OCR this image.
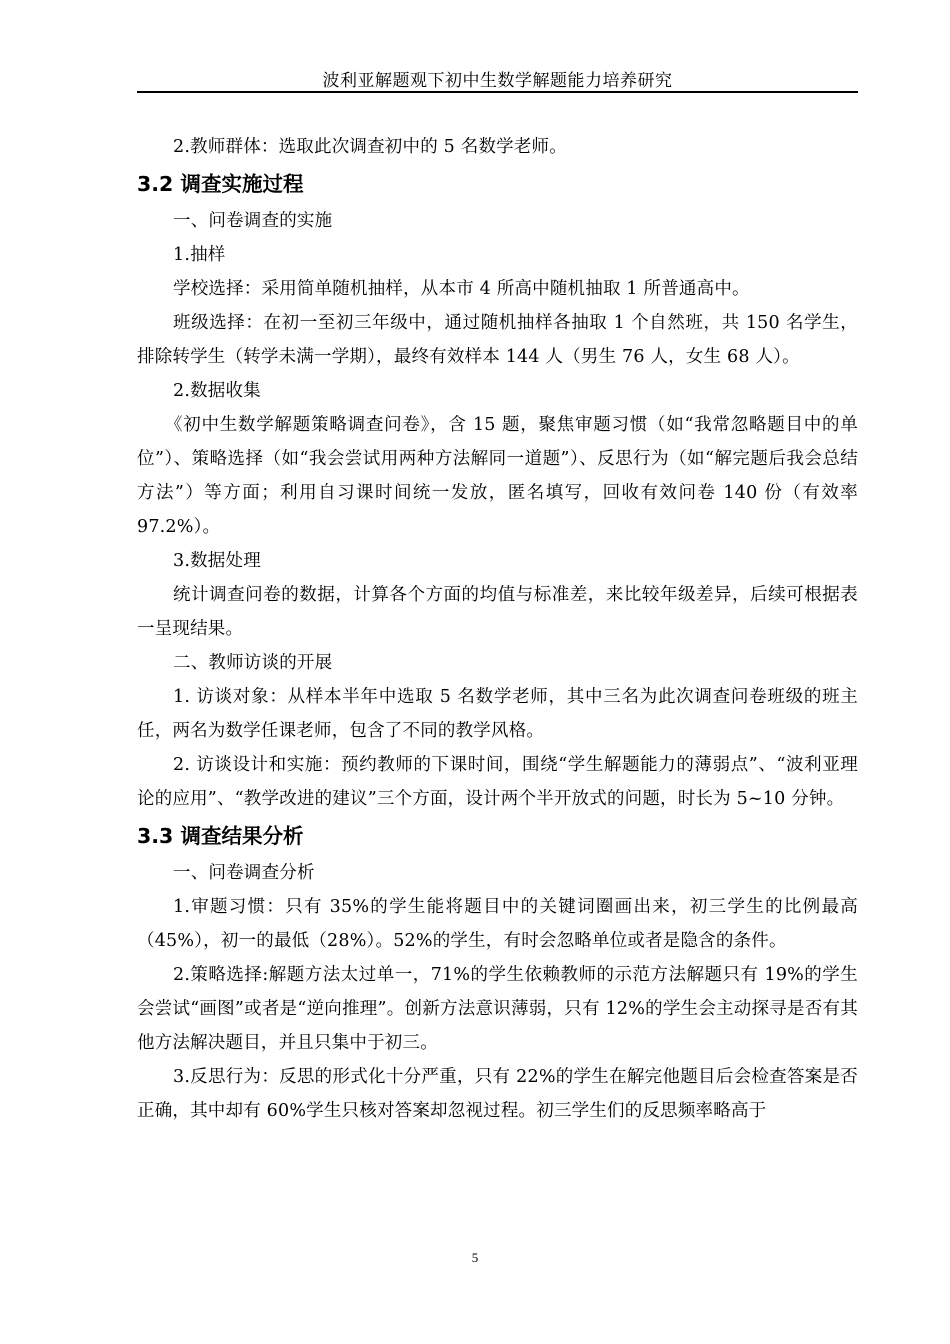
波利亚解题观下初中生数学解题能力培养研究

2.教师群体：选取此次调查初中的 5 名数学老师。

3.2 调查实施过程

一、问卷调查的实施

1.抽样

学校选择：采用简单随机抽样，从本市 4 所高中随机抽取 1 所普通高中。

班级选择：在初一至初三年级中，通过随机抽样各抽取 1 个自然班，共 150 名学生，排除转学生（转学未满一学期），最终有效样本 144 人（男生 76 人，女生 68 人）。

2.数据收集

《初中生数学解题策略调查问卷》，含 15 题，聚焦审题习惯（如“我常忽略题目中的单位”）、策略选择（如“我会尝试用两种方法解同一道题”）、反思行为（如“解完题后我会总结方法”）等方面；利用自习课时间统一发放，匿名填写，回收有效问卷 140 份（有效率 97.2%）。

3.数据处理

统计调查问卷的数据，计算各个方面的均值与标准差，来比较年级差异，后续可根据表一呈现结果。

二、教师访谈的开展

1. 访谈对象：从样本半年中选取 5 名数学老师，其中三名为此次调查问卷班级的班主任，两名为数学任课老师，包含了不同的教学风格。

2. 访谈设计和实施：预约教师的下课时间，围绕“学生解题能力的薄弱点”、“波利亚理论的应用”、“教学改进的建议”三个方面，设计两个半开放式的问题，时长为 5~10 分钟。

3.3 调查结果分析

一、问卷调查分析

1.审题习惯：只有 35%的学生能将题目中的关键词圈画出来，初三学生的比例最高（45%），初一的最低（28%）。52%的学生，有时会忽略单位或者是隐含的条件。

2.策略选择:解题方法太过单一，71%的学生依赖教师的示范方法解题只有 19%的学生会尝试“画图”或者是“逆向推理”。创新方法意识薄弱，只有 12%的学生会主动探寻是否有其他方法解决题目，并且只集中于初三。

3.反思行为：反思的形式化十分严重，只有 22%的学生在解完他题目后会检查答案是否正确，其中却有 60%学生只核对答案却忽视过程。初三学生们的反思频率略高于

5
